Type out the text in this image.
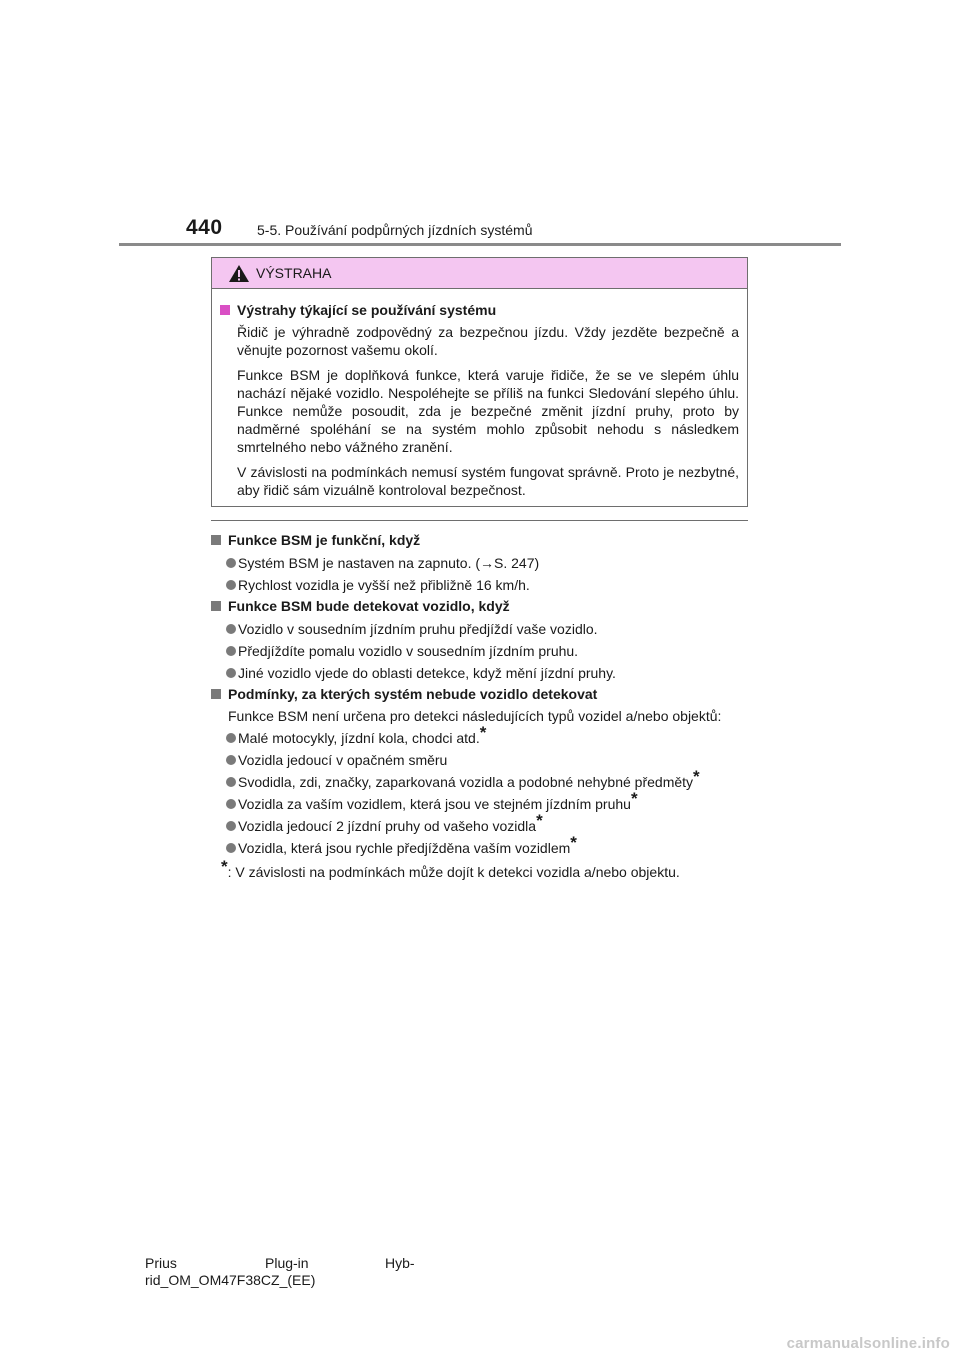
440 5-5. Používání podpůrných jízdních systémů
VÝSTRAHA
Výstrahy týkající se používání systému
Řidič je výhradně zodpovědný za bezpečnou jízdu. Vždy jezděte bezpečně a věnujte pozornost vašemu okolí.
Funkce BSM je doplňková funkce, která varuje řidiče, že se ve slepém úhlu nachází nějaké vozidlo. Nespoléhejte se příliš na funkci Sledování slepého úhlu. Funkce nemůže posoudit, zda je bezpečné změnit jízdní pruhy, proto by nadměrné spoléhání se na systém mohlo způsobit nehodu s následkem smrtelného nebo vážného zranění.
V závislosti na podmínkách nemusí systém fungovat správně. Proto je nezbytné, aby řidič sám vizuálně kontroloval bezpečnost.
Funkce BSM je funkční, když
Systém BSM je nastaven na zapnuto. (→S. 247)
Rychlost vozidla je vyšší než přibližně 16 km/h.
Funkce BSM bude detekovat vozidlo, když
Vozidlo v sousedním jízdním pruhu předjíždí vaše vozidlo.
Předjíždíte pomalu vozidlo v sousedním jízdním pruhu.
Jiné vozidlo vjede do oblasti detekce, když mění jízdní pruhy.
Podmínky, za kterých systém nebude vozidlo detekovat
Funkce BSM není určena pro detekci následujících typů vozidel a/nebo objektů:
Malé motocykly, jízdní kola, chodci atd.*
Vozidla jedoucí v opačném směru
Svodidla, zdi, značky, zaparkovaná vozidla a podobné nehybné předměty*
Vozidla za vaším vozidlem, která jsou ve stejném jízdním pruhu*
Vozidla jedoucí 2 jízdní pruhy od vašeho vozidla*
Vozidla, která jsou rychle předjížděna vaším vozidlem*
*: V závislosti na podmínkách může dojít k detekci vozidla a/nebo objektu.
Prius	Plug-in	Hyb-
rid_OM_OM47F38CZ_(EE)
carmanualsonline.info
